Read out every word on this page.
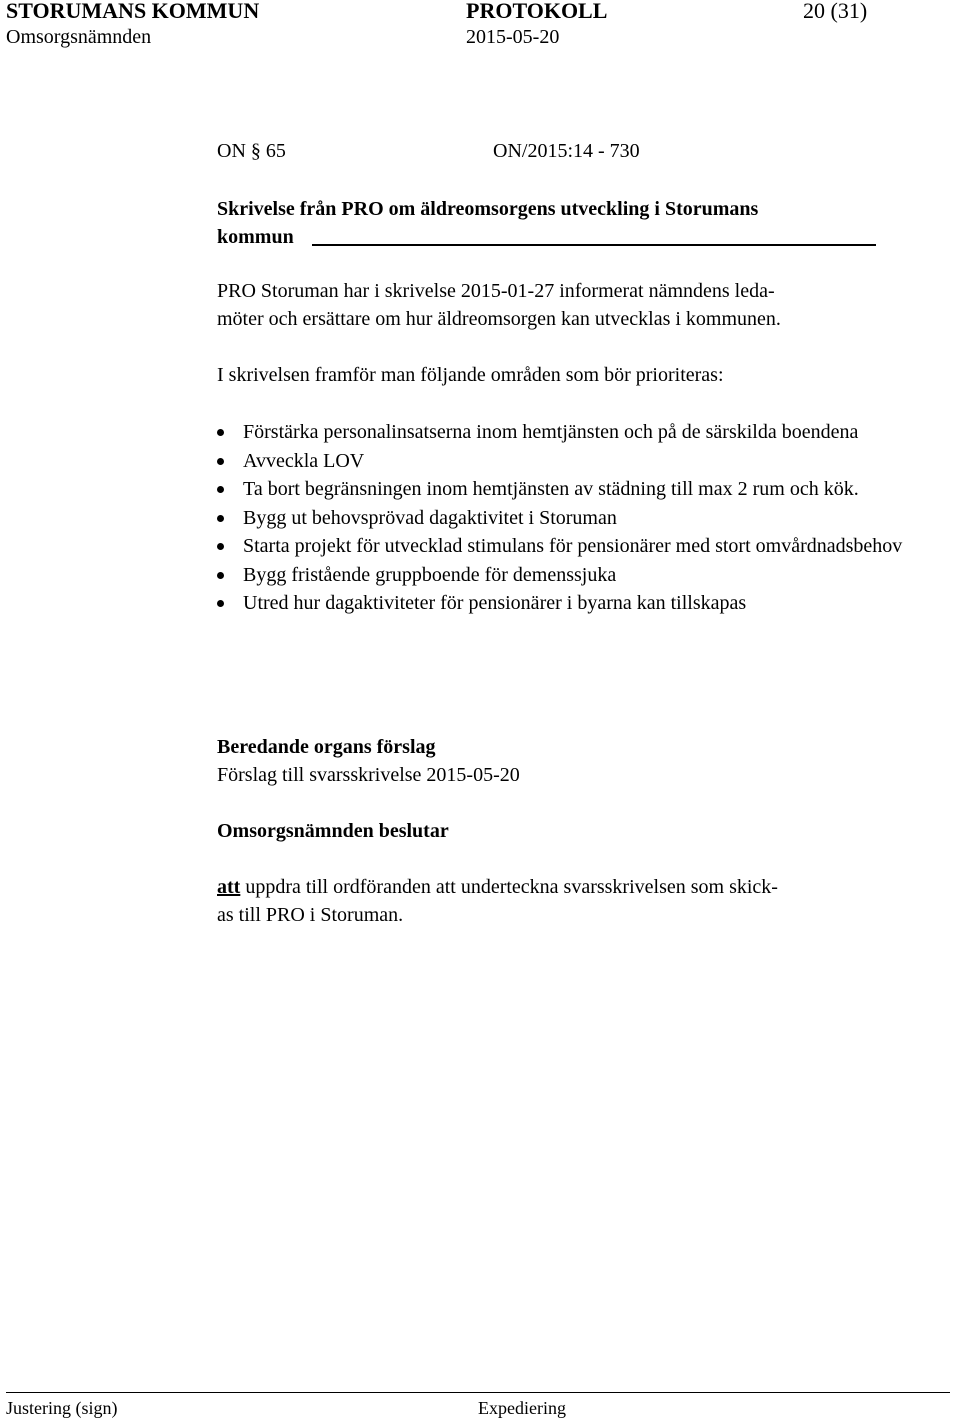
STORUMANS KOMMUN	PROTOKOLL	20 (31)
Omsorgsnämnden	2015-05-20
ON § 65	ON/2015:14 - 730
Skrivelse från PRO om äldreomsorgens utveckling i Storumans
kommun
PRO Storuman har i skrivelse 2015-01-27 informerat nämndens leda-
möter och ersättare om hur äldreomsorgen kan utvecklas i kommunen.
I skrivelsen framför man följande områden som bör prioriteras:
Förstärka personalinsatserna inom hemtjänsten och på de särskilda boendena
Avveckla LOV
Ta bort begränsningen inom hemtjänsten av städning till max 2 rum och kök.
Bygg ut behovsprövad dagaktivitet i Storuman
Starta projekt för utvecklad stimulans för pensionärer med stort omvårdnadsbehov
Bygg fristående gruppboende för demenssjuka
Utred hur dagaktiviteter för pensionärer i byarna kan tillskapas
Beredande organs förslag
Förslag till svarsskrivelse 2015-05-20
Omsorgsnämnden beslutar
att uppdra till ordföranden att underteckna svarsskrivelsen som skick-
as till PRO i Storuman.
Justering (sign)	Expediering
